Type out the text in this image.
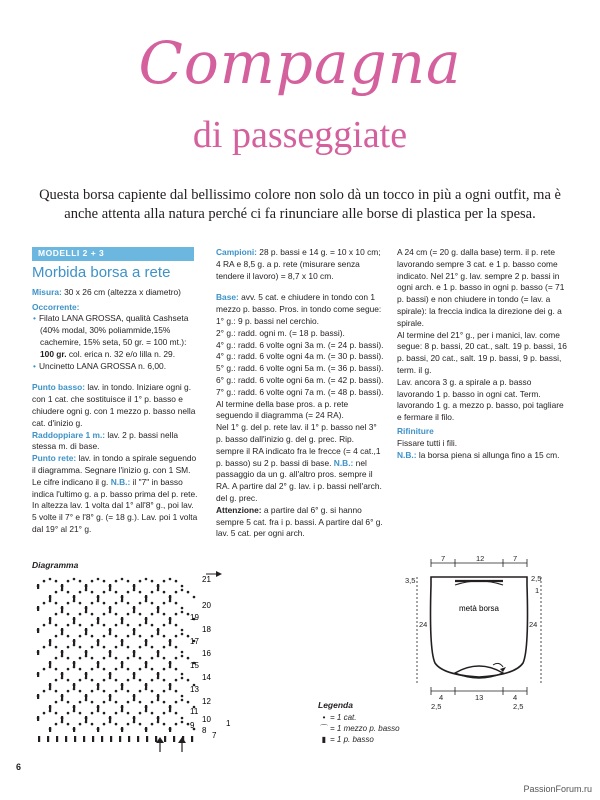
Compagna
di passeggiate
Questa borsa capiente dal bellissimo colore non solo dà un tocco in più a ogni outfit, ma è anche attenta alla natura perché ci fa rinunciare alle borse di plastica per la spesa.
MODELLI 2 + 3
Morbida borsa a rete
Misura: 30 x 26 cm (altezza x diametro)
Occorrente:
• Filato LANA GROSSA, qualità Cashseta (40% modal, 30% poliammide,15% cachemire, 15% seta, 50 gr. = 100 mt.): 100 gr. col. erica n. 32 e/o lilla n. 29.
• Uncinetto LANA GROSSA n. 6,00.
Punto basso: lav. in tondo. Iniziare ogni g. con 1 cat. che sostituisce il 1° p. basso e chiudere ogni g. con 1 mezzo p. basso nella cat. d'inizio g.
Raddoppiare 1 m.: lav. 2 p. bassi nella stessa m. di base.
Punto rete: lav. in tondo a spirale seguendo il diagramma. Segnare l'inizio g. con 1 SM. Le cifre indicano il g. N.B.: il "7" in basso indica l'ultimo g. a p. basso prima del p. rete. In altezza lav. 1 volta dal 1° all'8° g., poi lav. 5 volte il 7° e l'8° g. (= 18 g.). Lav. poi 1 volta dal 19° al 21° g.
Campioni: 28 p. bassi e 14 g. = 10 x 10 cm; 4 RA e 8,5 g. a p. rete (misurare senza tendere il lavoro) = 8,7 x 10 cm.
Base: avv. 5 cat. e chiudere in tondo con 1 mezzo p. basso. Pros. in tondo come segue:
1° g.: 9 p. bassi nel cerchio.
2° g.: radd. ogni m. (= 18 p. bassi).
4° g.: radd. 6 volte ogni 3a m. (= 24 p. bassi).
4° g.: radd. 6 volte ogni 4a m. (= 30 p. bassi).
5° g.: radd. 6 volte ogni 5a m. (= 36 p. bassi).
6° g.: radd. 6 volte ogni 6a m. (= 42 p. bassi).
7° g.: radd. 6 volte ogni 7a m. (= 48 p. bassi).
Al termine della base pros. a p. rete seguendo il diagramma (= 24 RA).
Nel 1° g. del p. rete lav. il 1° p. basso nel 3° p. basso dall'inizio g. del g. prec. Rip. sempre il RA indicato fra le frecce (= 4 cat.,1 p. basso) su 2 p. bassi di base. N.B.: nel passaggio da un g. all'altro pros. sempre il RA. A partire dal 2° g. lav. i p. bassi nell'arch. del g. prec.
Attenzione: a partire dal 6° g. si hanno sempre 5 cat. fra i p. bassi. A partire dal 6° g. lav. 5 cat. per ogni arch.
A 24 cm (= 20 g. dalla base) term. il p. rete lavorando sempre 3 cat. e 1 p. basso come indicato. Nel 21° g. lav. sempre 2 p. bassi in ogni arch. e 1 p. basso in ogni p. basso (= 71 p. bassi) e non chiudere in tondo (= lav. a spirale): la freccia indica la direzione dei g. a spirale.
Al termine del 21° g., per i manici, lav. come segue: 8 p. bassi, 20 cat., salt. 19 p. bassi, 16 p. bassi, 20 cat., salt. 19 p. bassi, 9 p. bassi, term. il g.
Lav. ancora 3 g. a spirale a p. basso lavorando 1 p. basso in ogni cat. Term. lavorando 1 g. a mezzo p. basso, poi tagliare e fermare il filo.
Rifiniture
Fissare tutti i fili.
N.B.: la borsa piena si allunga fino a 15 cm.
Diagramma
21
20
19
18
17
16
15
14
13
12
11
10
9
8
7
1
Legenda
• = 1 cat.
⌒ = 1 mezzo p. basso
▮ = 1 p. basso
7	12	7
3,5	2,5
1
24	24
4	13	4
2,5	2,5
metà borsa
6
PassionForum.ru
